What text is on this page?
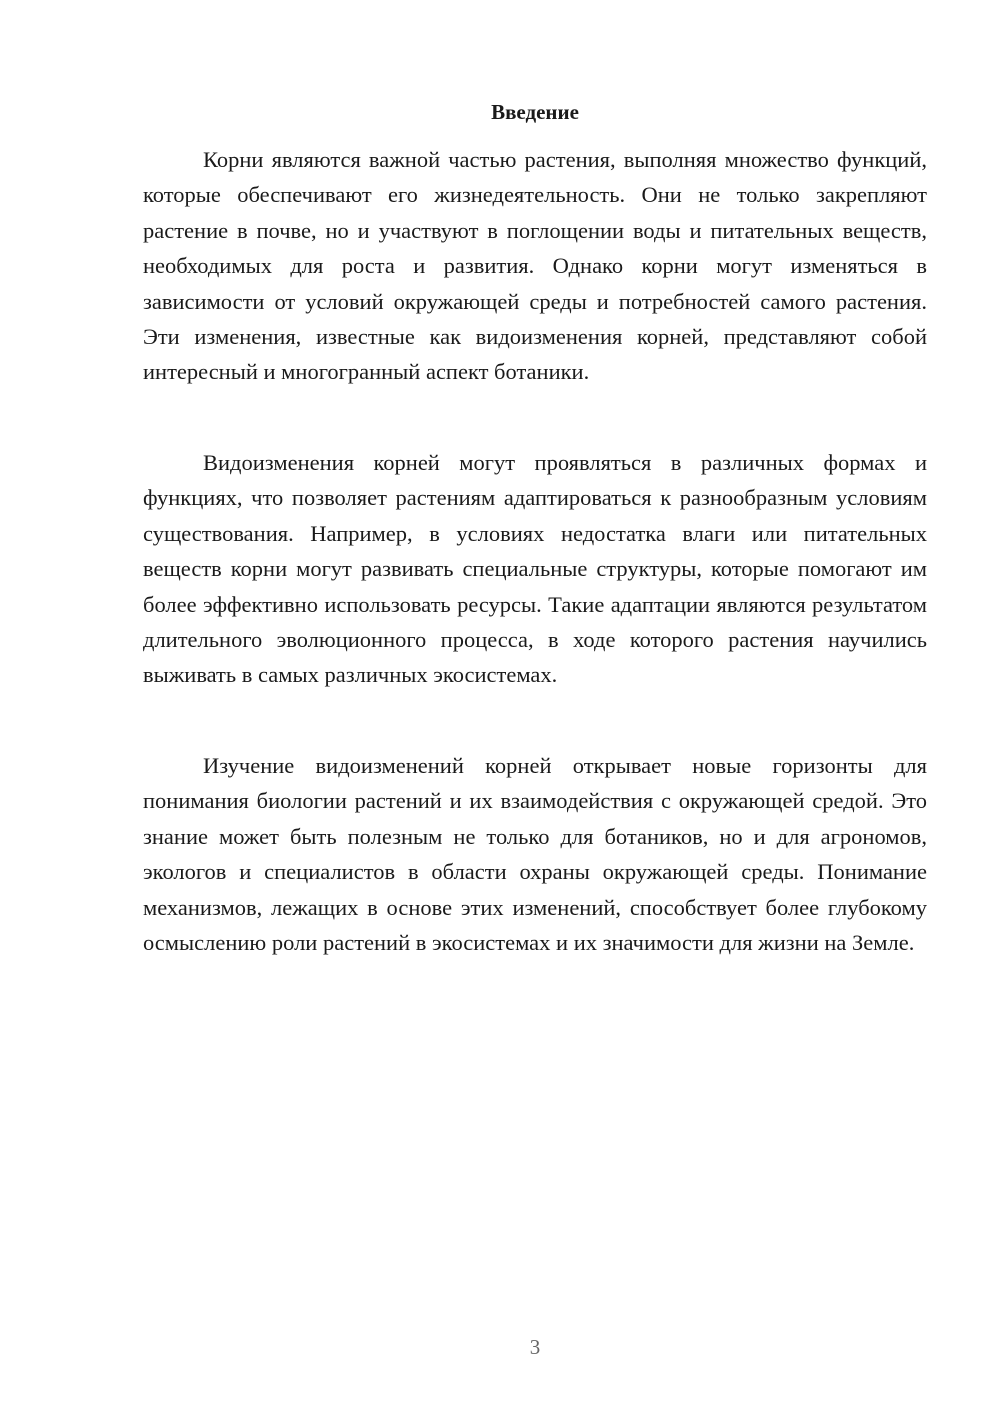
Введение

Корни являются важной частью растения, выполняя множество функций, которые обеспечивают его жизнедеятельность. Они не только закрепляют растение в почве, но и участвуют в поглощении воды и питательных веществ, необходимых для роста и развития. Однако корни могут изменяться в зависимости от условий окружающей среды и потребностей самого растения. Эти изменения, известные как видоизменения корней, представляют собой интересный и многогранный аспект ботаники.

Видоизменения корней могут проявляться в различных формах и функциях, что позволяет растениям адаптироваться к разнообразным условиям существования. Например, в условиях недостатка влаги или питательных веществ корни могут развивать специальные структуры, которые помогают им более эффективно использовать ресурсы. Такие адаптации являются результатом длительного эволюционного процесса, в ходе которого растения научились выживать в самых различных экосистемах.

Изучение видоизменений корней открывает новые горизонты для понимания биологии растений и их взаимодействия с окружающей средой. Это знание может быть полезным не только для ботаников, но и для агрономов, экологов и специалистов в области охраны окружающей среды. Понимание механизмов, лежащих в основе этих изменений, способствует более глубокому осмыслению роли растений в экосистемах и их значимости для жизни на Земле.

3
